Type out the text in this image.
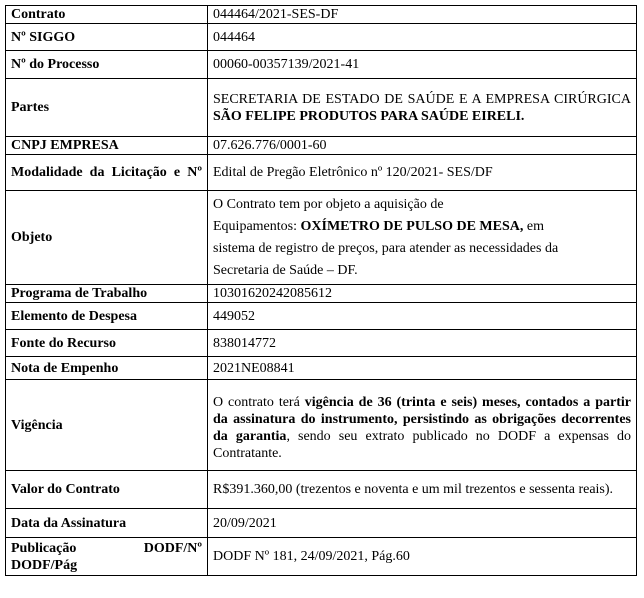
Contrato	044464/2021-SES-DF
Nº SIGGO	044464
Nº do Processo	00060-00357139/2021-41
Partes	SECRETARIA DE ESTADO DE SAÚDE E A EMPRESA CIRÚRGICA SÃO FELIPE PRODUTOS PARA SAÚDE EIRELI.
CNPJ EMPRESA	07.626.776/0001-60
Modalidade da Licitação e Nº	Edital de Pregão Eletrônico nº 120/2021- SES/DF
Objeto	O Contrato tem por objeto a aquisição de
Equipamentos: OXÍMETRO DE PULSO DE MESA, em
sistema de registro de preços, para atender as necessidades da
Secretaria de Saúde – DF.

Programa de Trabalho	10301620242085612
Elemento de Despesa	449052
Fonte do Recurso	838014772
Nota de Empenho	2021NE08841
Vigência	O contrato terá vigência de 36 (trinta e seis) meses, contados a partir da assinatura do instrumento, persistindo as obrigações decorrentes da garantia, sendo seu extrato publicado no DODF a expensas do Contratante.
Valor do Contrato	R$391.360,00 (trezentos e noventa e um mil trezentos e sessenta reais).
Data da Assinatura	20/09/2021

Publicação DODF/Nº
DODF/Pág	DODF Nº 181, 24/09/2021, Pág.60
